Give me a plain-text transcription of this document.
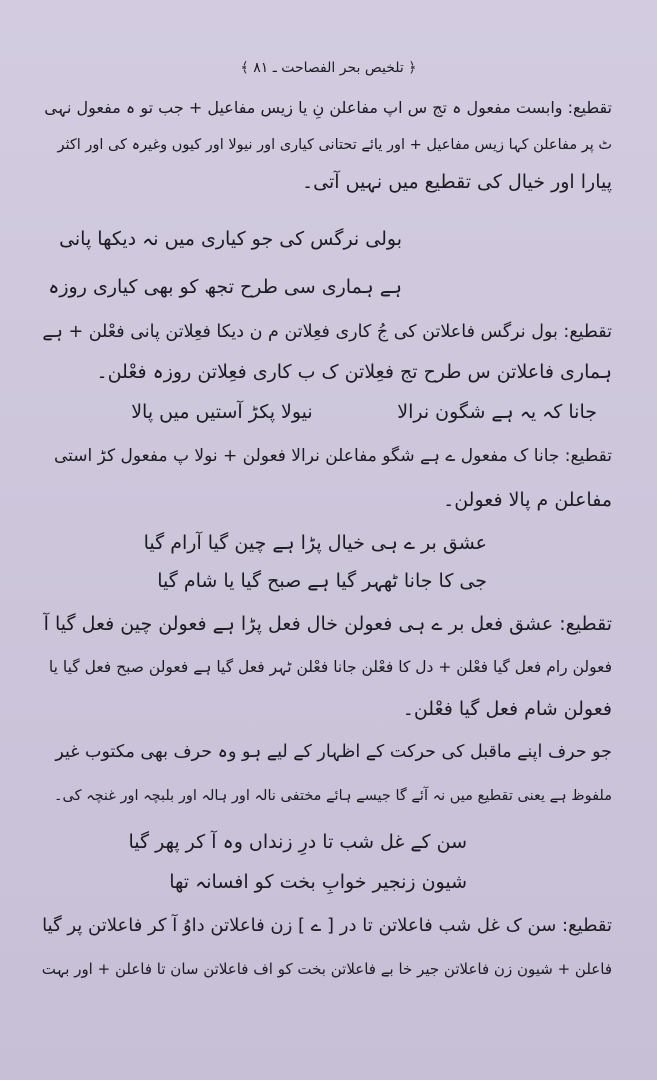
﴿ تلخیص بحر الفصاحت ـ ۸۱ ﴾
تقطیع: وابست مفعول ہ تج س اپ مفاعلن نِ یا زیس مفاعیل + جب تو ہ مفعول نہی
ٹ پر مفاعلن کہا زیس مفاعیل + اور یائے تحتانی کیاری اور نیولا اور کیوں وغیرہ کی اور اکثر
پیارا اور خیال کی تقطیع میں نہیں آتی۔
بولی نرگس کی جو کیاری میں نہ دیکھا پانی
ہے ہماری سی طرح تجھ کو بھی کیاری روزہ
تقطیع: بول نرگس فاعلاتن کی جُ کاری فعِلاتن م ن دیکا فعِلاتن پانی فعْلن + ہے
ہماری فاعلاتن س طرح تج فعِلاتن ک ب کاری فعِلاتن روزہ فعْلن۔
جانا کہ یہ ہے شگون نرالا              نیولا پکڑ آستیں میں پالا
تقطیع: جانا ک مفعول ے ہے شگو مفاعلن نرالا فعولن + نولا پ مفعول کڑ استی
مفاعلن م پالا فعولن۔
عشق بر ے ہی خیال پڑا ہے چین گیا آرام گیا
جی کا جانا ٹھہر گیا ہے صبح گیا یا شام گیا
تقطیع: عشق فعل بر ے ہی فعولن خال فعل پڑا ہے فعولن چین فعل گیا آ
فعولن رام فعل گیا فعْلن + دل کا فعْلن جانا فعْلن ٹہر فعل گیا ہے فعولن صبح فعل گیا یا
فعولن شام فعل گیا فعْلن۔
جو حرف اپنے ماقبل کی حرکت کے اظہار کے لیے ہو وہ حرف بھی مکتوب غیر
ملفوظ ہے یعنی تقطیع میں نہ آئے گا جیسے ہائے مختفی نالہ اور ہالہ اور بلبچہ اور غنچہ کی۔
سن کے غل شب تا درِ زنداں وہ آ کر پھر گیا
شیون زنجیر خوابِ بخت کو افسانہ تھا
تقطیع: سن ک غل شب فاعلاتن تا در [ ے ] زن فاعلاتن داوُ آ کر فاعلاتن پر گیا
فاعلن + شیون زن فاعلاتن جیر خا بے فاعلاتن بخت کو اف فاعلاتن سان تا فاعلن + اور بہت
